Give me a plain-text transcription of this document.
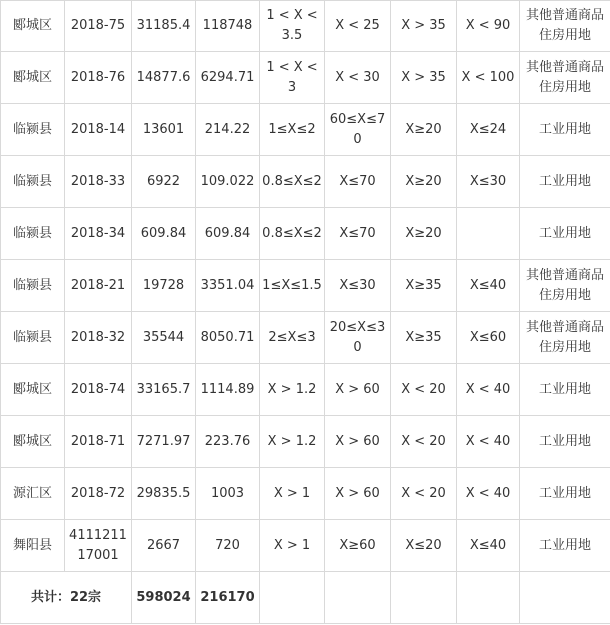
郾城区	2018-75	31185.4	118748	1 < X < 3.5	X < 25	X > 35	X < 90	其他普通商品住房用地
郾城区	2018-76	14877.6	6294.71	1 < X < 3	X < 30	X > 35	X < 100	其他普通商品住房用地
临颍县	2018-14	13601	214.22	1≤X≤2	60≤X≤70	X≥20	X≤24	工业用地
临颍县	2018-33	6922	109.022	0.8≤X≤2	X≤70	X≥20	X≤30	工业用地
临颍县	2018-34	609.84	609.84	0.8≤X≤2	X≤70	X≥20		工业用地
临颍县	2018-21	19728	3351.04	1≤X≤1.5	X≤30	X≥35	X≤40	其他普通商品住房用地
临颍县	2018-32	35544	8050.71	2≤X≤3	20≤X≤30	X≥35	X≤60	其他普通商品住房用地
郾城区	2018-74	33165.7	1114.89	X > 1.2	X > 60	X < 20	X < 40	工业用地
郾城区	2018-71	7271.97	223.76	X > 1.2	X > 60	X < 20	X < 40	工业用地
源汇区	2018-72	29835.5	1003	X > 1	X > 60	X < 20	X < 40	工业用地
舞阳县	411121117001	2667	720	X > 1	X≥60	X≤20	X≤40	工业用地
共计：22宗		598024	216170					
